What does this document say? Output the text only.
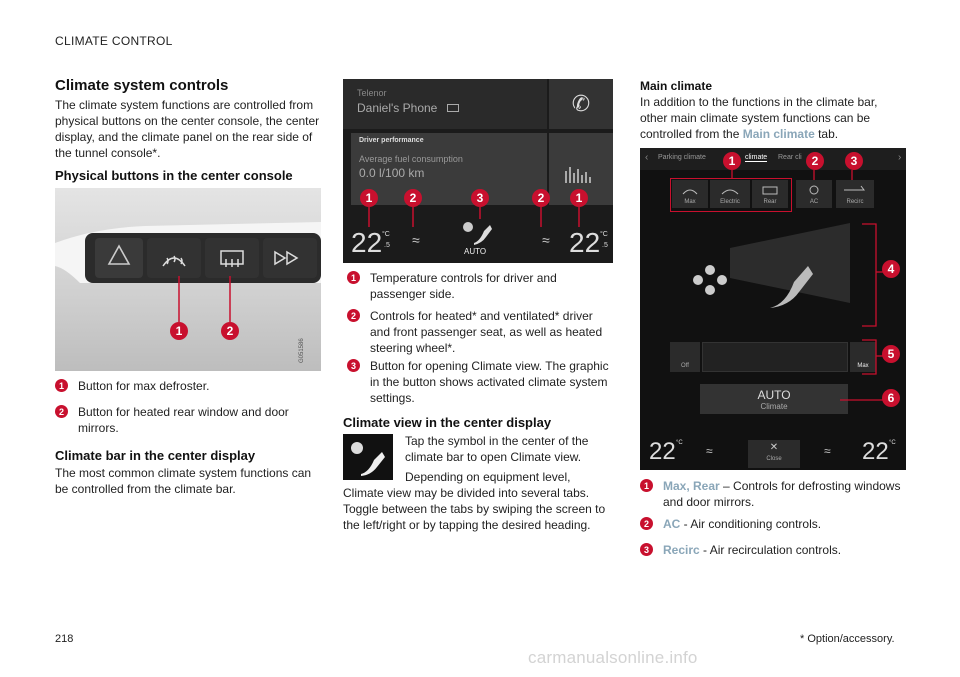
CLIMATE CONTROL
Climate system controls

The climate system functions are controlled from physical buttons on the center console, the center display, and the climate panel on the rear side of the tunnel console*.

Physical buttons in the center console
G051586
1	2
1	Button for max defroster.
2	Button for heated rear window and door mirrors.
Climate bar in the center display

The most common climate system functions can be controlled from the climate bar.

Telenor
Daniel's Phone	✆
Driver performance
Average fuel consumption
0.0 l/100 km
22 °C
.5 ≈
AUTO
≈ 22 °C
.5
1	2	3	2	1
1	Temperature controls for driver and passenger side.
2	Controls for heated* and ventilated* driver and front passenger seat, as well as heated steering wheel*.
3	Button for opening Climate view. The graphic in the button shows activated climate system settings.
Climate view in the center display

Tap the symbol in the center of the climate bar to open Climate view.

Depending on equipment level, Climate view may be divided into several tabs. Toggle between the tabs by swiping the screen to the left/right or by tapping the desired heading.

Main climate

In addition to the functions in the climate bar, other main climate system functions can be controlled from the Main climate tab.

‹ Parking climate	climate Rear cli	›
Max	Electric	Rear	AC	Recirc
Off	Max
AUTO
Climate
22 °C
≈	✕
Close
≈ 22 °C
1	2	3
4
5
6
1	Max, Rear – Controls for defrosting windows and door mirrors.
2	AC - Air conditioning controls.
3	Recirc - Air recirculation controls.
218	* Option/accessory.
carmanualsonline.info
